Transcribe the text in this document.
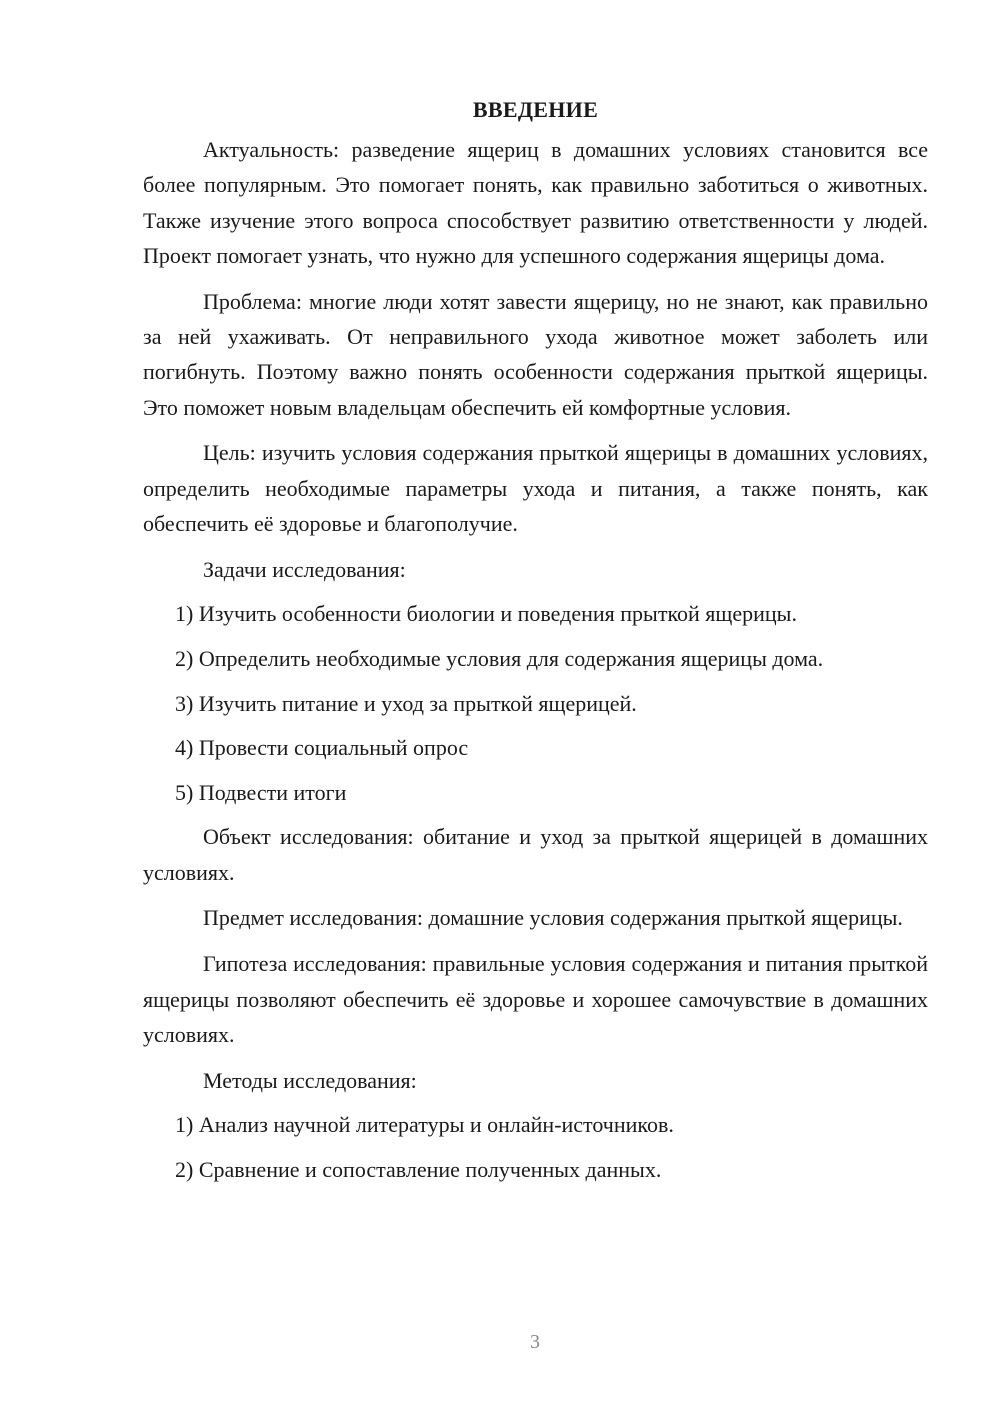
ВВЕДЕНИЕ

Актуальность: разведение ящериц в домашних условиях становится все более популярным. Это помогает понять, как правильно заботиться о животных. Также изучение этого вопроса способствует развитию ответственности у людей. Проект помогает узнать, что нужно для успешного содержания ящерицы дома.

Проблема: многие люди хотят завести ящерицу, но не знают, как правильно за ней ухаживать. От неправильного ухода животное может заболеть или погибнуть. Поэтому важно понять особенности содержания прыткой ящерицы. Это поможет новым владельцам обеспечить ей комфортные условия.

Цель: изучить условия содержания прыткой ящерицы в домашних условиях, определить необходимые параметры ухода и питания, а также понять, как обеспечить её здоровье и благополучие.

Задачи исследования:
1) Изучить особенности биологии и поведения прыткой ящерицы.
2) Определить необходимые условия для содержания ящерицы дома.
3) Изучить питание и уход за прыткой ящерицей.
4) Провести социальный опрос
5) Подвести итоги

Объект исследования: обитание и уход за прыткой ящерицей в домашних условиях.

Предмет исследования: домашние условия содержания прыткой ящерицы.

Гипотеза исследования: правильные условия содержания и питания прыткой ящерицы позволяют обеспечить её здоровье и хорошее самочувствие в домашних условиях.

Методы исследования:
1) Анализ научной литературы и онлайн-источников.
2) Сравнение и сопоставление полученных данных.
3
